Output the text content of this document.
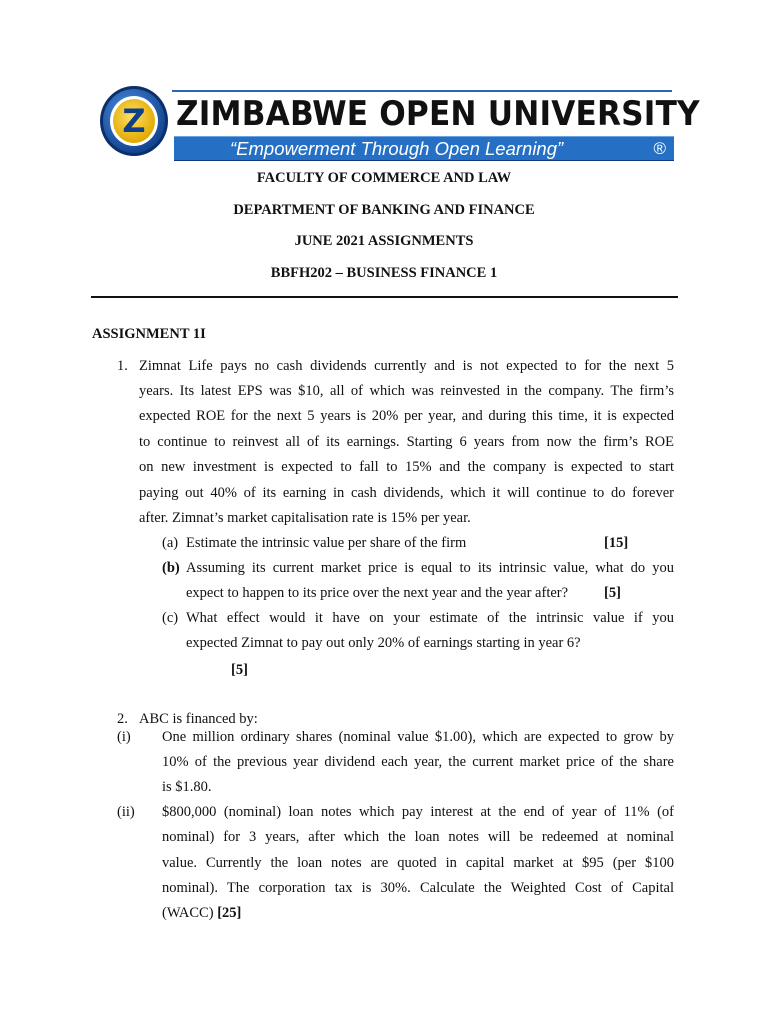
Z ZIMBABWE OPEN UNIVERSITY
“Empowerment Through Open Learning”	®
FACULTY OF COMMERCE AND LAW
DEPARTMENT OF BANKING AND FINANCE
JUNE 2021 ASSIGNMENTS
BBFH202 – BUSINESS FINANCE 1
ASSIGNMENT 1I
1. Zimnat Life pays no cash dividends currently and is not expected to for the next 5
years. Its latest EPS was $10, all of which was reinvested in the company. The firm’s
expected ROE for the next 5 years is 20% per year, and during this time, it is expected
to continue to reinvest all of its earnings. Starting 6 years from now the firm’s ROE
on new investment is expected to fall to 15% and the company is expected to start
paying out 40% of its earning in cash dividends, which it will continue to do forever
after. Zimnat’s market capitalisation rate is 15% per year.
(a) Estimate the intrinsic value per share of the firm	[15]
(b) Assuming its current market price is equal to its intrinsic value, what do you
expect to happen to its price over the next year and the year after? [5]
(c) What effect would it have on your estimate of the intrinsic value if you
expected Zimnat to pay out only 20% of earnings starting in year 6?
[5]
2. ABC is financed by:
(i) One million ordinary shares (nominal value $1.00), which are expected to grow by
10% of the previous year dividend each year, the current market price of the share
is $1.80.
(ii) $800,000 (nominal) loan notes which pay interest at the end of year of 11% (of
nominal) for 3 years, after which the loan notes will be redeemed at nominal
value. Currently the loan notes are quoted in capital market at $95 (per $100
nominal). The corporation tax is 30%. Calculate the Weighted Cost of Capital
(WACC) [25]
